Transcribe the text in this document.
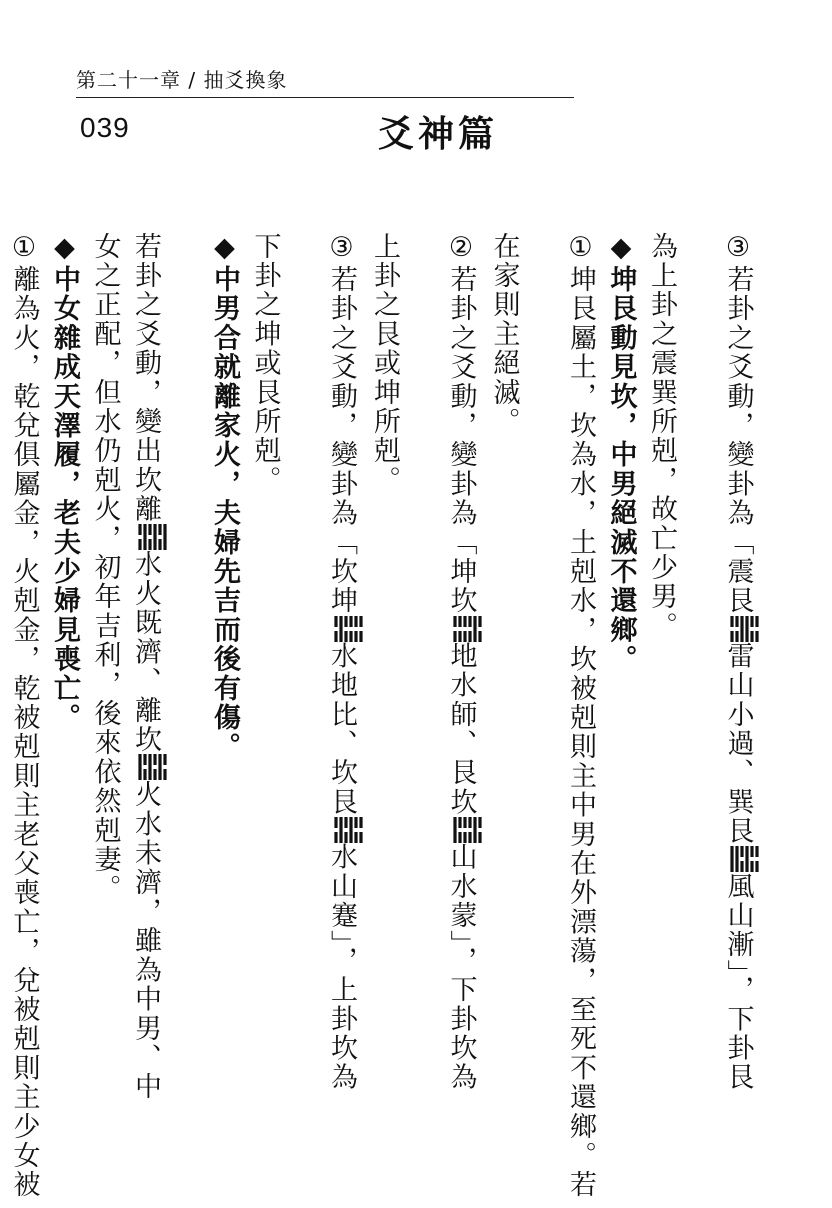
第二十一章 / 抽爻換象
039	爻神篇
③若卦之爻動，變卦為「震艮
雷山小過、巽艮
風山漸」，下卦艮
為上卦之震巽所剋，故亡少男。
◆坤艮動見坎，中男絕滅不還鄉。
①坤艮屬土，坎為水，土剋水，坎被剋則主中男在外漂蕩，至死不還鄉。若
在家則主絕滅。
②若卦之爻動，變卦為「坤坎
地水師、艮坎
山水蒙」，下卦坎為
上卦之艮或坤所剋。
③若卦之爻動，變卦為「坎坤
水地比、坎艮
水山蹇」，上卦坎為
下卦之坤或艮所剋。
◆中男合就離家火，夫婦先吉而後有傷。
若卦之爻動，變出坎離
水火既濟、離坎
火水未濟，雖為中男、中
女之正配，但水仍剋火，初年吉利，後來依然剋妻。
◆中女雜成天澤履，老夫少婦見喪亡。
①離為火，乾兌俱屬金，火剋金，乾被剋則主老父喪亡，兌被剋則主少女被
